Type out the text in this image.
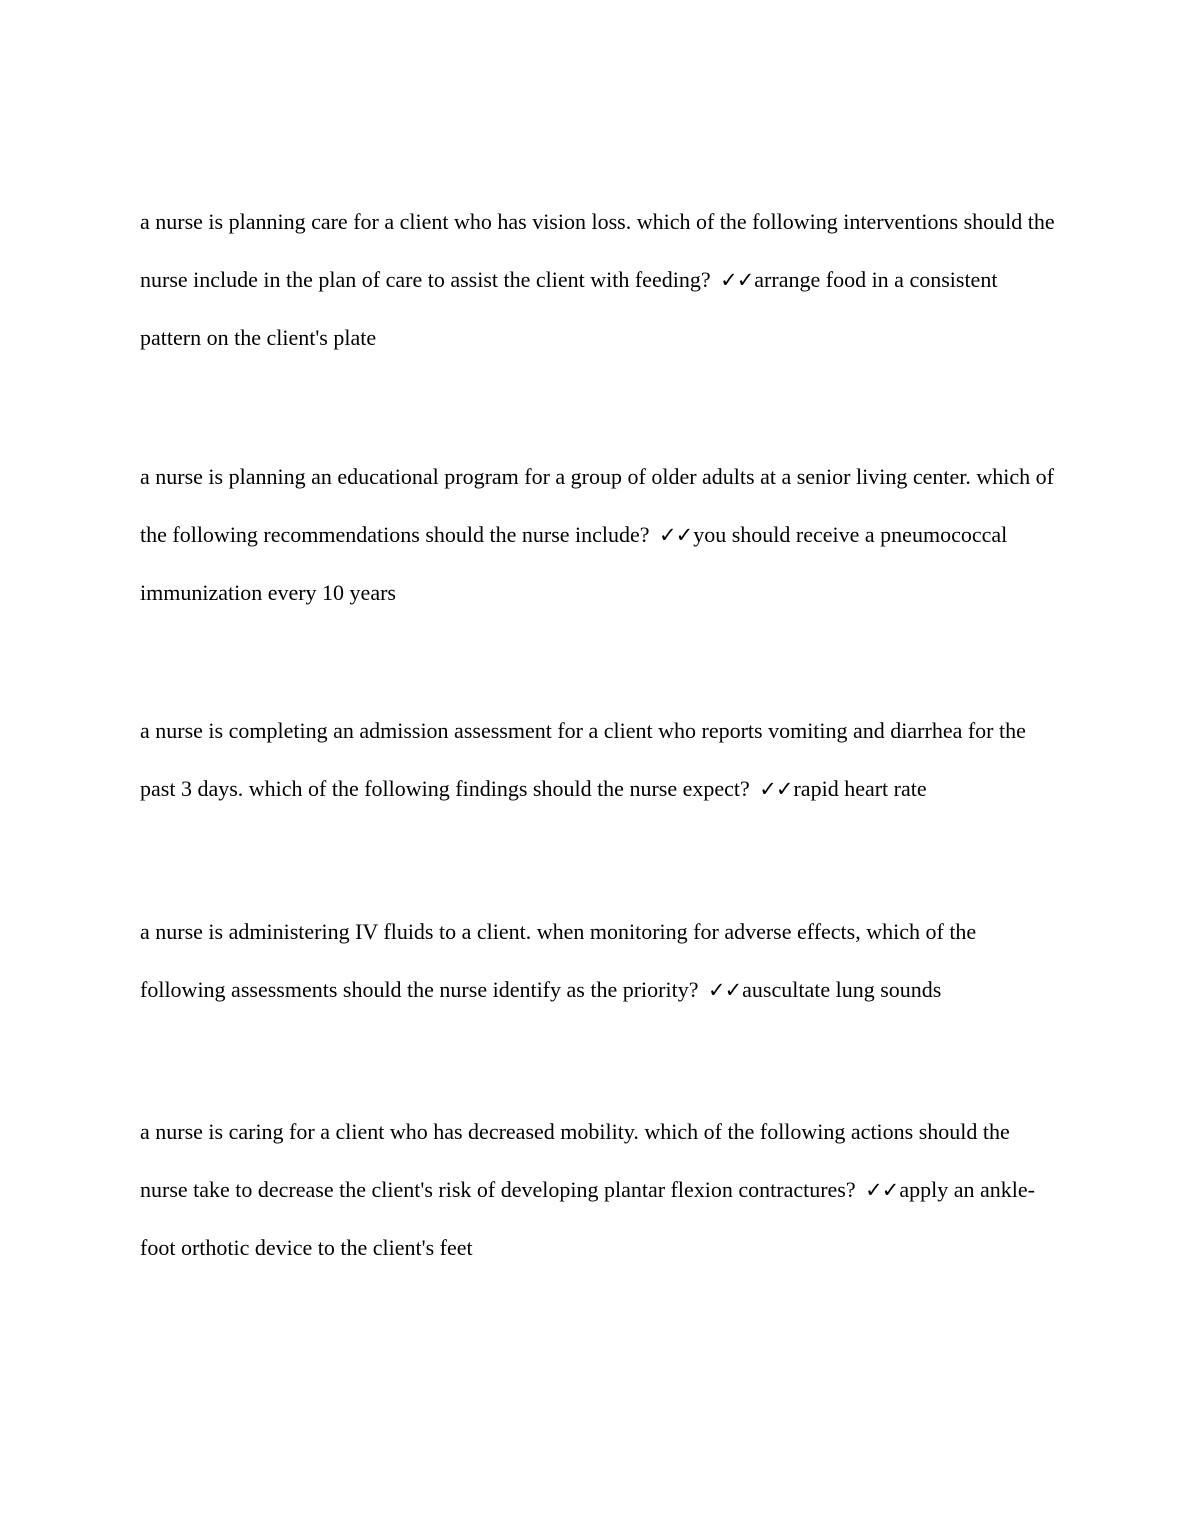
a nurse is planning care for a client who has vision loss. which of the following interventions should the nurse include in the plan of care to assist the client with feeding? ✓✓arrange food in a consistent pattern on the client's plate

a nurse is planning an educational program for a group of older adults at a senior living center. which of the following recommendations should the nurse include? ✓✓you should receive a pneumococcal immunization every 10 years

a nurse is completing an admission assessment for a client who reports vomiting and diarrhea for the past 3 days. which of the following findings should the nurse expect? ✓✓rapid heart rate

a nurse is administering IV fluids to a client. when monitoring for adverse effects, which of the following assessments should the nurse identify as the priority? ✓✓auscultate lung sounds

a nurse is caring for a client who has decreased mobility. which of the following actions should the nurse take to decrease the client's risk of developing plantar flexion contractures? ✓✓apply an ankle-foot orthotic device to the client's feet
